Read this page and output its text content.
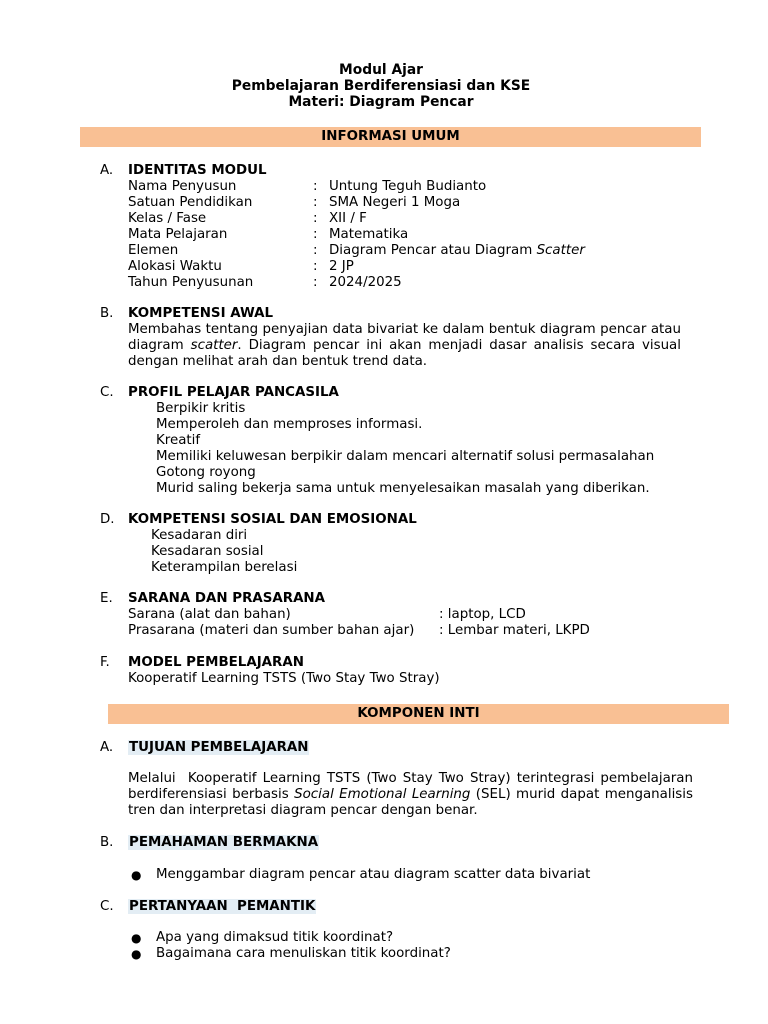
Modul Ajar
Pembelajaran Berdiferensiasi dan KSE
Materi: Diagram Pencar
INFORMASI UMUM
A. IDENTITAS MODUL
Nama Penyusun	: Untung Teguh Budianto
Satuan Pendidikan	: SMA Negeri 1 Moga
Kelas / Fase	: XII / F
Mata Pelajaran	: Matematika
Elemen	: Diagram Pencar atau Diagram Scatter
Alokasi Waktu	: 2 JP
Tahun Penyusunan	: 2024/2025
B. KOMPETENSI AWAL
Membahas tentang penyajian data bivariat ke dalam bentuk diagram pencar atau diagram scatter. Diagram pencar ini akan menjadi dasar analisis secara visual dengan melihat arah dan bentuk trend data.
C. PROFIL PELAJAR PANCASILA
Berpikir kritis
Memperoleh dan memproses informasi.
Kreatif
Memiliki keluwesan berpikir dalam mencari alternatif solusi permasalahan
Gotong royong
Murid saling bekerja sama untuk menyelesaikan masalah yang diberikan.
D. KOMPETENSI SOSIAL DAN EMOSIONAL
Kesadaran diri
Kesadaran sosial
Keterampilan berelasi
E. SARANA DAN PRASARANA
Sarana (alat dan bahan)	: laptop, LCD
Prasarana (materi dan sumber bahan ajar) : Lembar materi, LKPD
F. MODEL PEMBELAJARAN
Kooperatif Learning TSTS (Two Stay Two Stray)
KOMPONEN INTI
A. TUJUAN PEMBELAJARAN
Melalui  Kooperatif Learning TSTS (Two Stay Two Stray) terintegrasi pembelajaran berdiferensiasi berbasis Social Emotional Learning (SEL) murid dapat menganalisis tren dan interpretasi diagram pencar dengan benar.
B. PEMAHAMAN BERMAKNA
● Menggambar diagram pencar atau diagram scatter data bivariat
C. PERTANYAAN  PEMANTIK
● Apa yang dimaksud titik koordinat?
● Bagaimana cara menuliskan titik koordinat?
